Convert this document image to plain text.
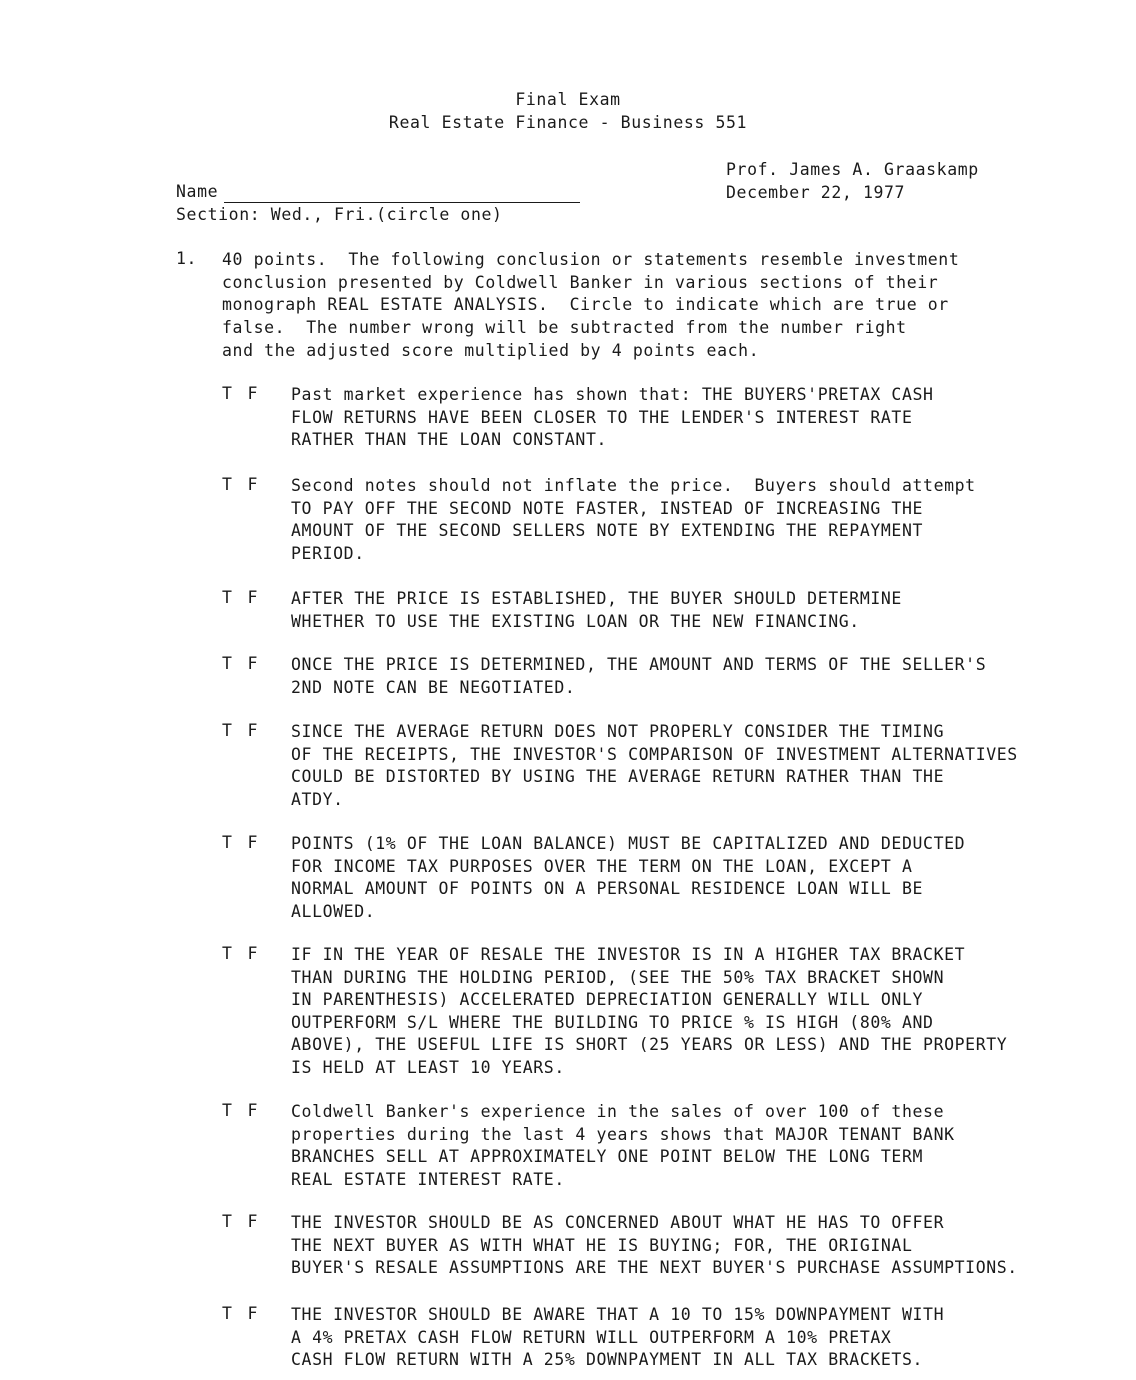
Final Exam
Real Estate Finance - Business 551
Prof. James A. Graaskamp
December 22, 1977
Name
Section: Wed., Fri.(circle one)
1. 40 points.  The following conclusion or statements resemble investment
conclusion presented by Coldwell Banker in various sections of their
monograph REAL ESTATE ANALYSIS.  Circle to indicate which are true or
false.  The number wrong will be subtracted from the number right
and the adjusted score multiplied by 4 points each.
T F Past market experience has shown that: THE BUYERS'PRETAX CASH
FLOW RETURNS HAVE BEEN CLOSER TO THE LENDER'S INTEREST RATE
RATHER THAN THE LOAN CONSTANT.
T F Second notes should not inflate the price.  Buyers should attempt
TO PAY OFF THE SECOND NOTE FASTER, INSTEAD OF INCREASING THE
AMOUNT OF THE SECOND SELLERS NOTE BY EXTENDING THE REPAYMENT
PERIOD.
T F AFTER THE PRICE IS ESTABLISHED, THE BUYER SHOULD DETERMINE
WHETHER TO USE THE EXISTING LOAN OR THE NEW FINANCING.
T F ONCE THE PRICE IS DETERMINED, THE AMOUNT AND TERMS OF THE SELLER'S
2ND NOTE CAN BE NEGOTIATED.
T F SINCE THE AVERAGE RETURN DOES NOT PROPERLY CONSIDER THE TIMING
OF THE RECEIPTS, THE INVESTOR'S COMPARISON OF INVESTMENT ALTERNATIVES
COULD BE DISTORTED BY USING THE AVERAGE RETURN RATHER THAN THE
ATDY.
T F POINTS (1% OF THE LOAN BALANCE) MUST BE CAPITALIZED AND DEDUCTED
FOR INCOME TAX PURPOSES OVER THE TERM ON THE LOAN, EXCEPT A
NORMAL AMOUNT OF POINTS ON A PERSONAL RESIDENCE LOAN WILL BE
ALLOWED.
T F IF IN THE YEAR OF RESALE THE INVESTOR IS IN A HIGHER TAX BRACKET
THAN DURING THE HOLDING PERIOD, (SEE THE 50% TAX BRACKET SHOWN
IN PARENTHESIS) ACCELERATED DEPRECIATION GENERALLY WILL ONLY
OUTPERFORM S/L WHERE THE BUILDING TO PRICE % IS HIGH (80% AND
ABOVE), THE USEFUL LIFE IS SHORT (25 YEARS OR LESS) AND THE PROPERTY
IS HELD AT LEAST 10 YEARS.
T F Coldwell Banker's experience in the sales of over 100 of these
properties during the last 4 years shows that MAJOR TENANT BANK
BRANCHES SELL AT APPROXIMATELY ONE POINT BELOW THE LONG TERM
REAL ESTATE INTEREST RATE.
T F THE INVESTOR SHOULD BE AS CONCERNED ABOUT WHAT HE HAS TO OFFER
THE NEXT BUYER AS WITH WHAT HE IS BUYING; FOR, THE ORIGINAL
BUYER'S RESALE ASSUMPTIONS ARE THE NEXT BUYER'S PURCHASE ASSUMPTIONS.
T F THE INVESTOR SHOULD BE AWARE THAT A 10 TO 15% DOWNPAYMENT WITH
A 4% PRETAX CASH FLOW RETURN WILL OUTPERFORM A 10% PRETAX
CASH FLOW RETURN WITH A 25% DOWNPAYMENT IN ALL TAX BRACKETS.
